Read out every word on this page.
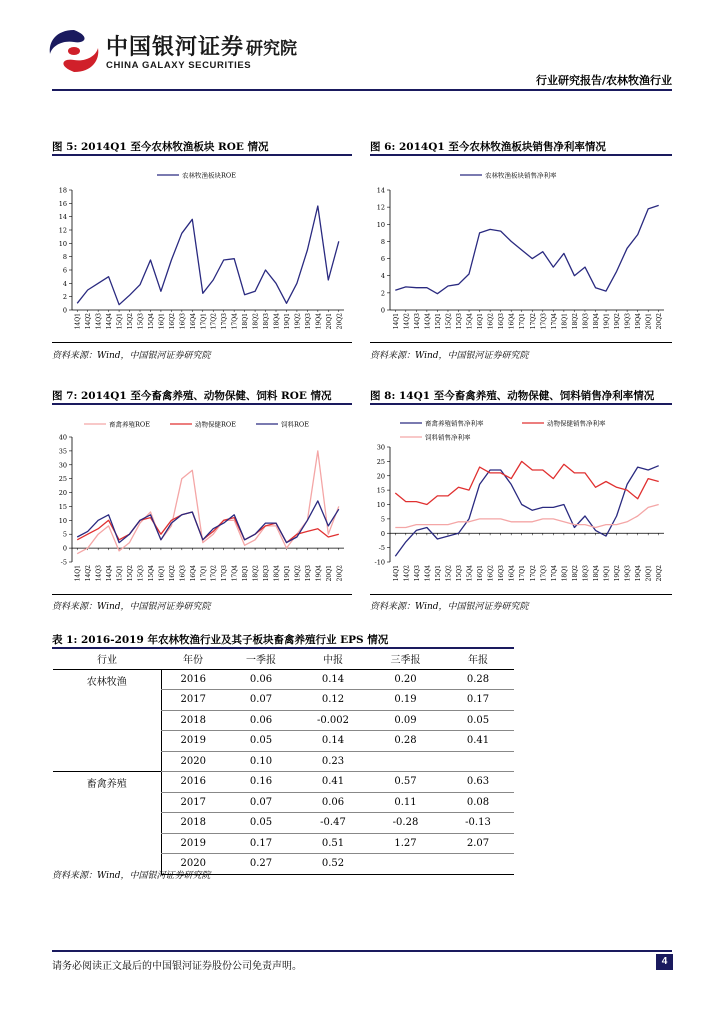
中国银河证券
CHINA GALAXY SECURITIES
研究院
行业研究报告/农林牧渔行业
图 5: 2014Q1 至今农林牧渔板块 ROE 情况
0
2
4
6
8
10
12
14
16
18
14Q1 14Q2 14Q3 14Q4 15Q1 15Q2 15Q3 15Q4 16Q1 16Q2 16Q3 16Q4 17Q1 17Q2 17Q3 17Q4 18Q1 18Q2 18Q3 18Q4 19Q1 19Q2 19Q3 19Q4 20Q1 20Q2
农林牧渔板块ROE
资料来源：Wind，中国银河证券研究院
图 6: 2014Q1 至今农林牧渔板块销售净利率情况
0
2
4
6
8
10
12
14
14Q1 14Q2 14Q3 14Q4 15Q1 15Q2 15Q3 15Q4 16Q1 16Q2 16Q3 16Q4 17Q1 17Q2 17Q3 17Q4 18Q1 18Q2 18Q3 18Q4 19Q1 19Q2 19Q3 19Q4 20Q1 20Q2
农林牧渔板块销售净利率
资料来源：Wind，中国银河证券研究院
图 7: 2014Q1 至今畜禽养殖、动物保健、饲料 ROE 情况
-5
0
5
10
15
20
25
30
35
40
14Q1 14Q2 14Q3 14Q4 15Q1 15Q2 15Q3 15Q4 16Q1 16Q2 16Q3 16Q4 17Q1 17Q2 17Q3 17Q4 18Q1 18Q2 18Q3 18Q4 19Q1 19Q2 19Q3 19Q4 20Q1 20Q2
畜禽养殖ROE	动物保健ROE	饲料ROE
资料来源：Wind，中国银河证券研究院
图 8: 14Q1 至今畜禽养殖、动物保健、饲料销售净利率情况
-10
-5
0
5
10
15
20
25
30
14Q1 14Q2 14Q3 14Q4 15Q1 15Q2 15Q3 15Q4 16Q1 16Q2 16Q3 16Q4 17Q1 17Q2 17Q3 17Q4 18Q1 18Q2 18Q3 18Q4 19Q1 19Q2 19Q3 19Q4 20Q1 20Q2
畜禽养殖销售净利率	动物保健销售净利率
饲料销售净利率
资料来源：Wind，中国银河证券研究院
表 1: 2016-2019 年农林牧渔行业及其子板块畜禽养殖行业 EPS 情况
行业	年份	一季报	中报	三季报	年报
农林牧渔	2016	0.06	0.14	0.20	0.28
	2017	0.07	0.12	0.19	0.17
	2018	0.06	-0.002	0.09	0.05
	2019	0.05	0.14	0.28	0.41
	2020	0.10	0.23		
畜禽养殖	2016	0.16	0.41	0.57	0.63
	2017	0.07	0.06	0.11	0.08
	2018	0.05	-0.47	-0.28	-0.13
	2019	0.17	0.51	1.27	2.07
	2020	0.27	0.52		
资料来源：Wind，中国银河证券研究院
请务必阅读正文最后的中国银河证券股份公司免责声明。	4
